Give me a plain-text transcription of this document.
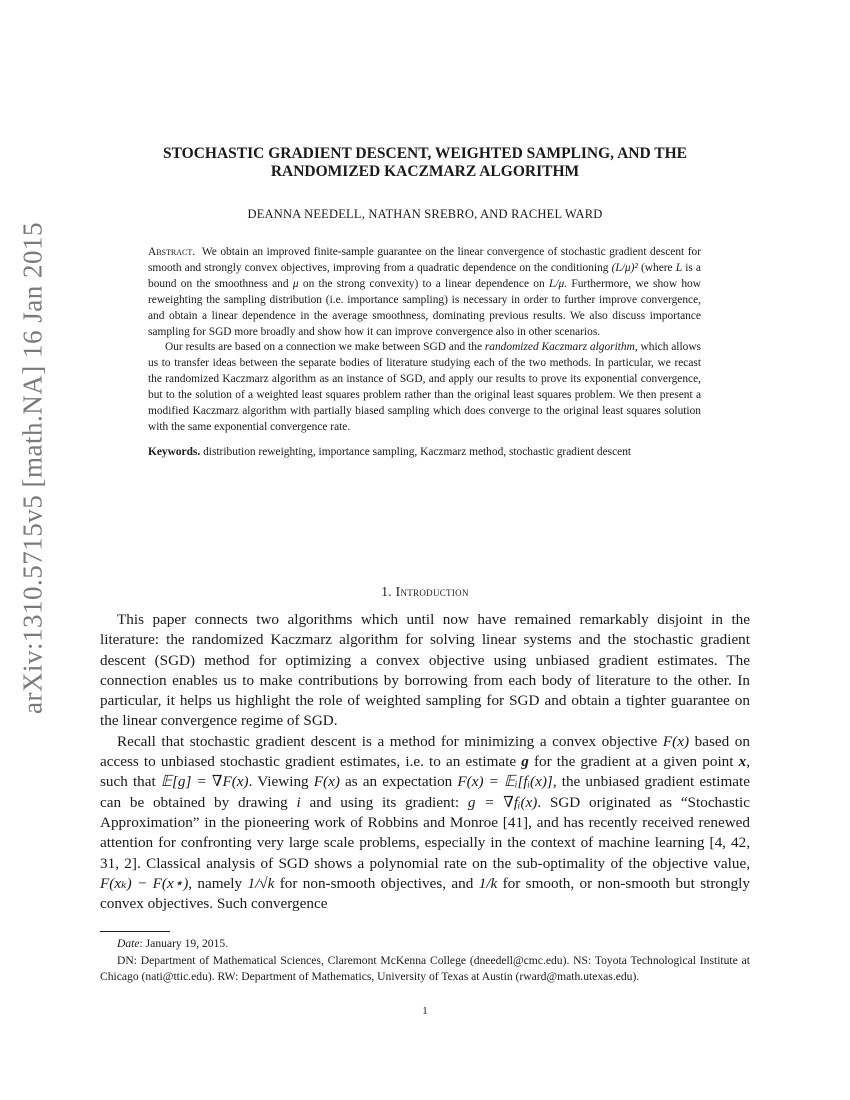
arXiv:1310.5715v5 [math.NA] 16 Jan 2015
STOCHASTIC GRADIENT DESCENT, WEIGHTED SAMPLING, AND THE
RANDOMIZED KACZMARZ ALGORITHM
DEANNA NEEDELL, NATHAN SREBRO, AND RACHEL WARD

Abstract. We obtain an improved finite-sample guarantee on the linear convergence of stochastic gradient descent for smooth and strongly convex objectives, improving from a quadratic dependence on the conditioning (L/μ)² (where L is a bound on the smoothness and μ on the strong convexity) to a linear dependence on L/μ. Furthermore, we show how reweighting the sampling distribution (i.e. importance sampling) is necessary in order to further improve convergence, and obtain a linear dependence in the average smoothness, dominating previous results. We also discuss importance sampling for SGD more broadly and show how it can improve convergence also in other scenarios.

Our results are based on a connection we make between SGD and the randomized Kaczmarz algorithm, which allows us to transfer ideas between the separate bodies of literature studying each of the two methods. In particular, we recast the randomized Kaczmarz algorithm as an instance of SGD, and apply our results to prove its exponential convergence, but to the solution of a weighted least squares problem rather than the original least squares problem. We then present a modified Kaczmarz algorithm with partially biased sampling which does converge to the original least squares solution with the same exponential convergence rate.

Keywords. distribution reweighting, importance sampling, Kaczmarz method, stochastic gradient descent

1. Introduction

This paper connects two algorithms which until now have remained remarkably disjoint in the literature: the randomized Kaczmarz algorithm for solving linear systems and the stochastic gradient descent (SGD) method for optimizing a convex objective using unbiased gradient estimates. The connection enables us to make contributions by borrowing from each body of literature to the other. In particular, it helps us highlight the role of weighted sampling for SGD and obtain a tighter guarantee on the linear convergence regime of SGD.

Recall that stochastic gradient descent is a method for minimizing a convex objective F(x) based on access to unbiased stochastic gradient estimates, i.e. to an estimate g for the gradient at a given point x, such that 𝔼[g] = ∇F(x). Viewing F(x) as an expectation F(x) = 𝔼ᵢ[fᵢ(x)], the unbiased gradient estimate can be obtained by drawing i and using its gradient: g = ∇fᵢ(x). SGD originated as “Stochastic Approximation” in the pioneering work of Robbins and Monroe [41], and has recently received renewed attention for confronting very large scale problems, especially in the context of machine learning [4, 42, 31, 2]. Classical analysis of SGD shows a polynomial rate on the sub-optimality of the objective value, F(xₖ) − F(x⋆), namely 1/√k for non-smooth objectives, and 1/k for smooth, or non-smooth but strongly convex objectives. Such convergence

Date: January 19, 2015.

DN: Department of Mathematical Sciences, Claremont McKenna College (dneedell@cmc.edu). NS: Toyota Technological Institute at Chicago (nati@ttic.edu). RW: Department of Mathematics, University of Texas at Austin (rward@math.utexas.edu).

1
